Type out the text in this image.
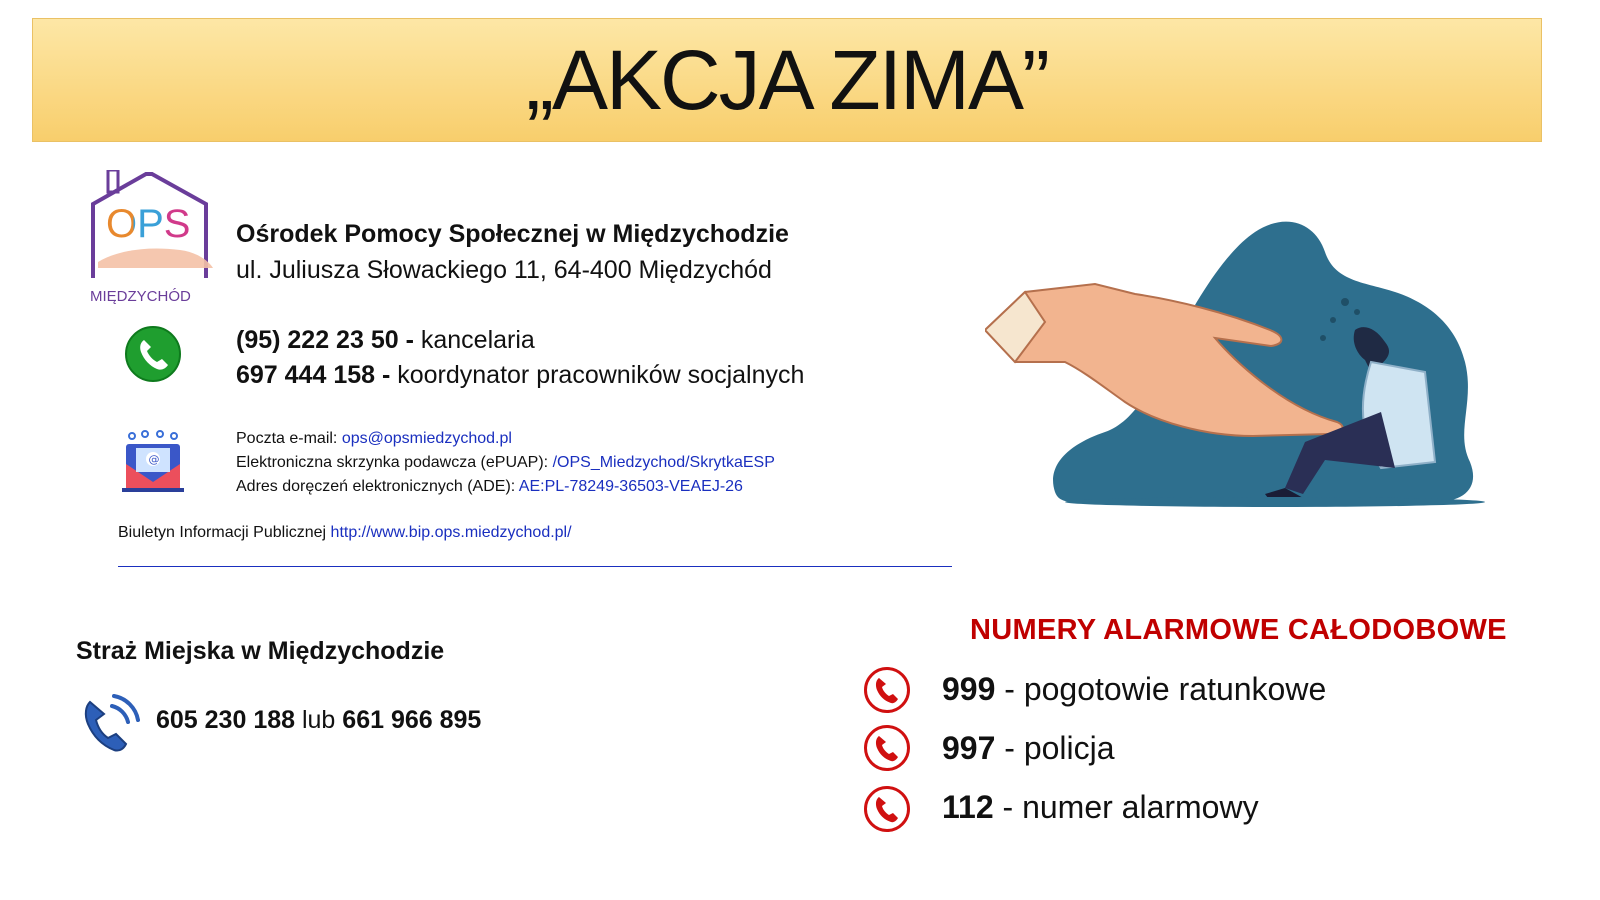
„AKCJA ZIMA”
OPS
MIĘDZYCHÓD
Ośrodek Pomocy Społecznej w Międzychodzie
ul. Juliusza Słowackiego 11, 64-400 Międzychód
(95) 222 23 50 - kancelaria
697 444 158 - koordynator pracowników socjalnych
@
Poczta e-mail: ops@opsmiedzychod.pl
Elektroniczna skrzynka podawcza (ePUAP): /OPS_Miedzychod/SkrytkaESP
Adres doręczeń elektronicznych (ADE): AE:PL-78249-36503-VEAEJ-26
Biuletyn Informacji Publicznej http://www.bip.ops.miedzychod.pl/
Straż Miejska w Międzychodzie
605 230 188 lub 661 966 895
NUMERY ALARMOWE CAŁODOBOWE
999 - pogotowie ratunkowe
997 - policja
112 - numer alarmowy
